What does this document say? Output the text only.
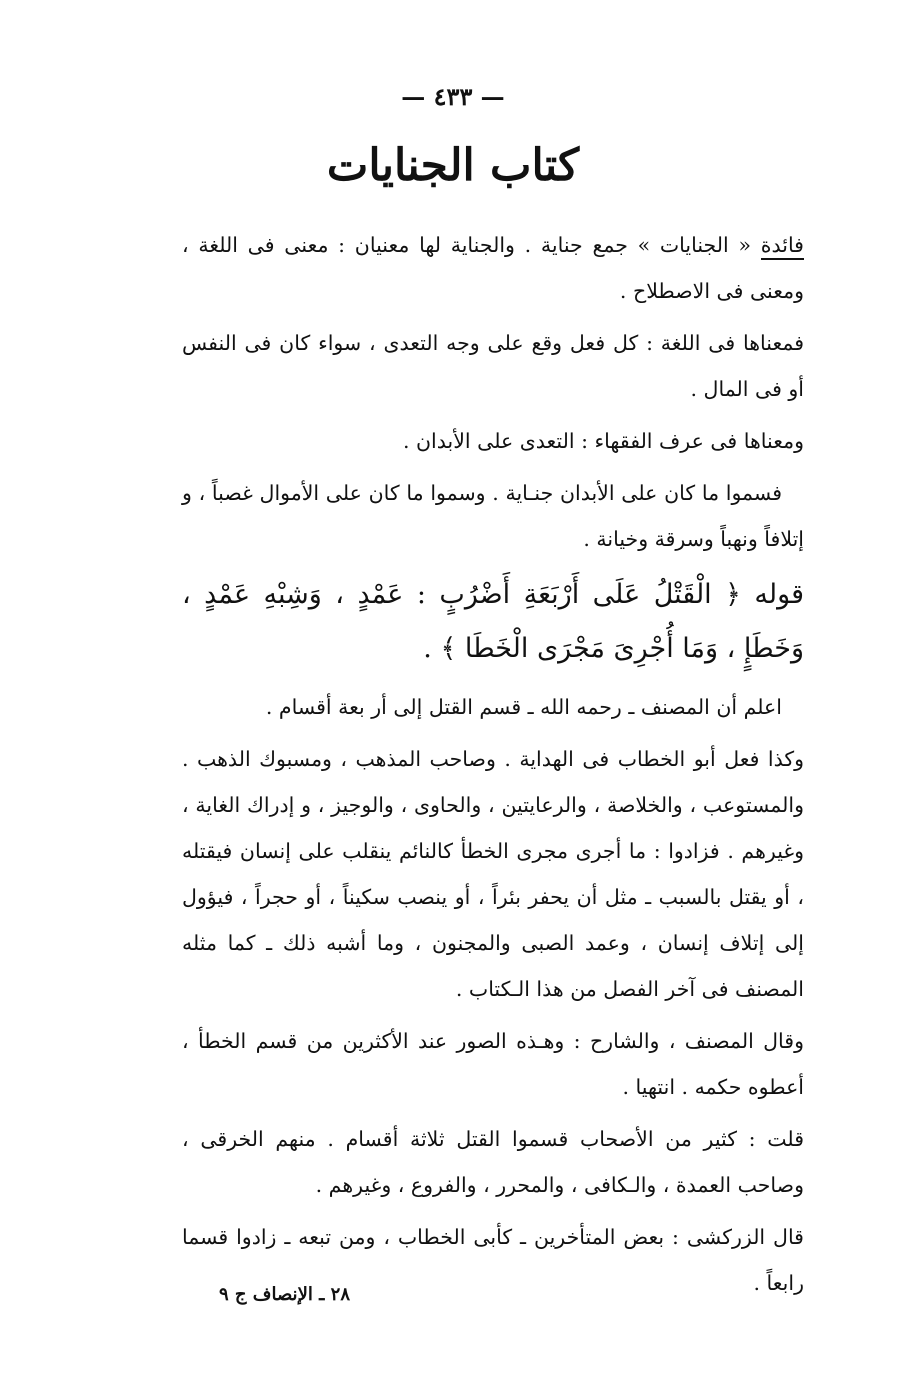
— ٤٣٣ —
كتاب الجنايات

فائدة « الجنايات » جمع جناية . والجناية لها معنيان : معنى فى اللغة ، ومعنى فى الاصطلاح .

فمعناها فى اللغة : كل فعل وقع على وجه التعدى ، سواء كان فى النفس أو فى المال .

ومعناها فى عرف الفقهاء : التعدى على الأبدان .

فسموا ما كان على الأبدان جنـاية . وسموا ما كان على الأموال غصباً ، و إتلافاً ونهباً وسرقة وخيانة .

قوله ﴿ الْقَتْلُ عَلَى أَرْبَعَةِ أَضْرُبٍ : عَمْدٍ ، وَشِبْهِ عَمْدٍ ، وَخَطَإٍ ، وَمَا أُجْرِىَ مَجْرَى الْخَطَا ﴾ .

اعلم أن المصنف ـ رحمه الله ـ قسم القتل إلى أر بعة أقسام .

وكذا فعل أبو الخطاب فى الهداية . وصاحب المذهب ، ومسبوك الذهب . والمستوعب ، والخلاصة ، والرعايتين ، والحاوى ، والوجيز ، و إدراك الغاية ، وغيرهم . فزادوا : ما أجرى مجرى الخطأ كالنائم ينقلب على إنسان فيقتله ، أو يقتل بالسبب ـ مثل أن يحفر بئراً ، أو ينصب سكيناً ، أو حجراً ، فيؤول إلى إتلاف إنسان ، وعمد الصبى والمجنون ، وما أشبه ذلك ـ كما مثله المصنف فى آخر الفصل من هذا الـكتاب .

وقال المصنف ، والشارح : وهـذه الصور عند الأكثرين من قسم الخطأ ، أعطوه حكمه . انتهيا .

قلت : كثير من الأصحاب قسموا القتل ثلاثة أقسام . منهم الخرقى ، وصاحب العمدة ، والـكافى ، والمحرر ، والفروع ، وغيرهم .

قال الزركشى : بعض المتأخرين ـ كأبى الخطاب ، ومن تبعه ـ زادوا قسما رابعاً .

٢٨ ـ الإنصاف ج ٩
